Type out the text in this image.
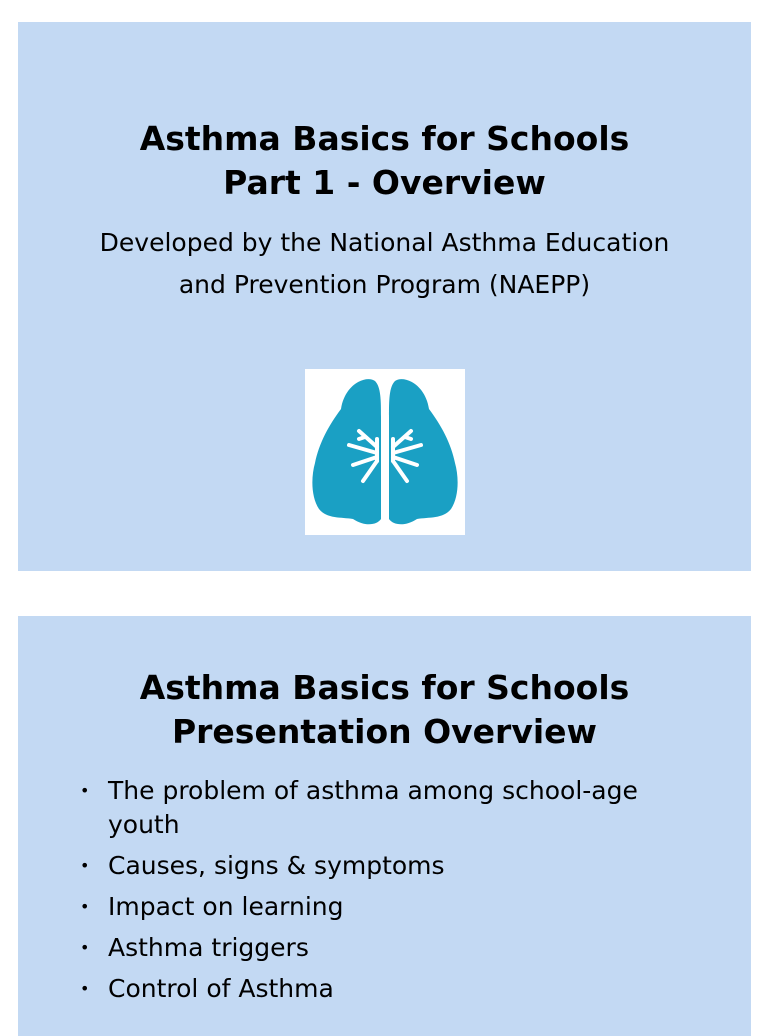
Asthma Basics for Schools
Part 1 - Overview

Developed by the National Asthma Education
and Prevention Program (NAEPP)

Asthma Basics for Schools
Presentation Overview
• The problem of asthma among school-age youth
• Causes, signs & symptoms
• Impact on learning
• Asthma triggers
• Control of Asthma
